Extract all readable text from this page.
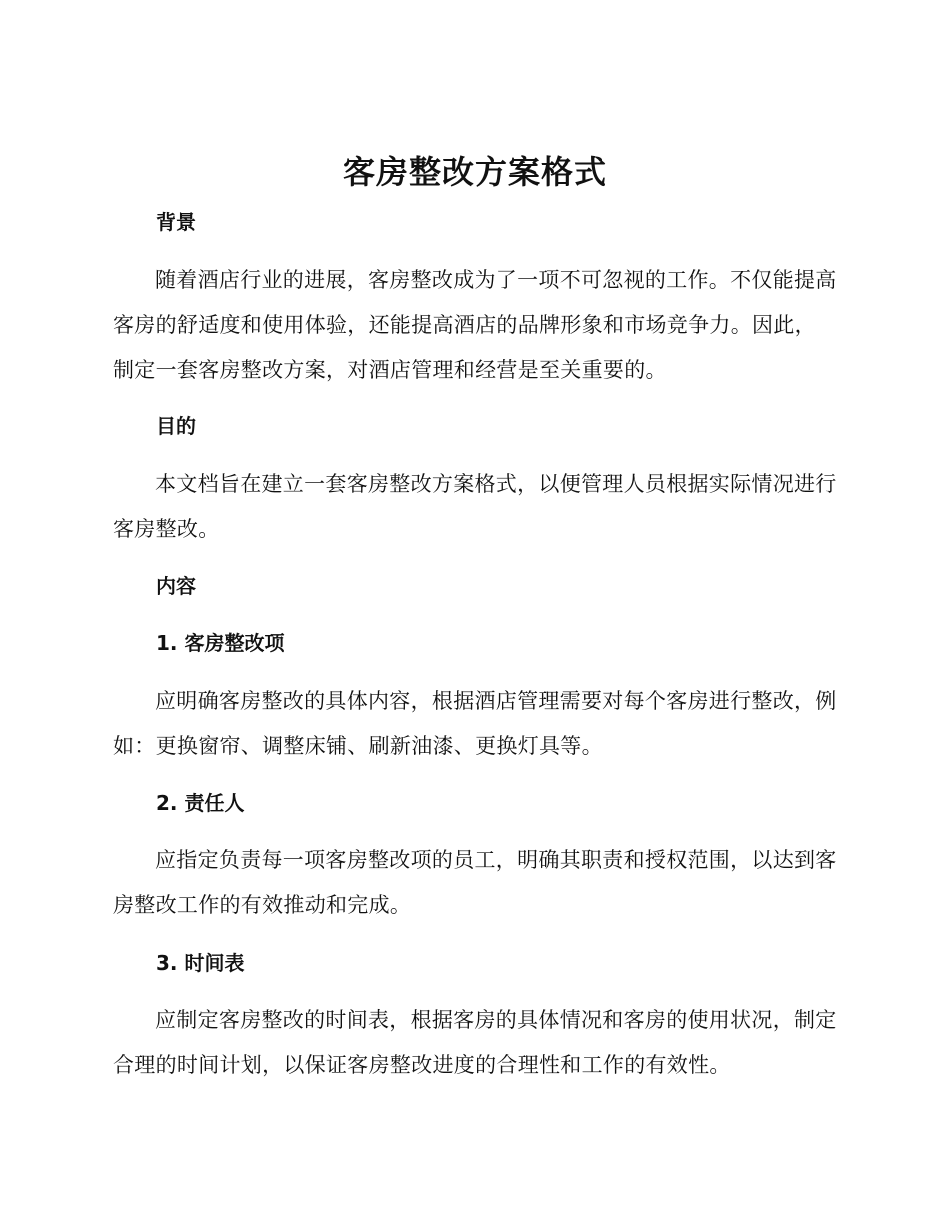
客房整改方案格式
背景
随着酒店行业的进展，客房整改成为了一项不可忽视的工作。不仅能提高客房的舒适度和使用体验，还能提高酒店的品牌形象和市场竞争力。因此，制定一套客房整改方案，对酒店管理和经营是至关重要的。
目的
本文档旨在建立一套客房整改方案格式，以便管理人员根据实际情况进行客房整改。
内容
1. 客房整改项
应明确客房整改的具体内容，根据酒店管理需要对每个客房进行整改，例如：更换窗帘、调整床铺、刷新油漆、更换灯具等。
2. 责任人
应指定负责每一项客房整改项的员工，明确其职责和授权范围，以达到客房整改工作的有效推动和完成。
3. 时间表
应制定客房整改的时间表，根据客房的具体情况和客房的使用状况，制定合理的时间计划，以保证客房整改进度的合理性和工作的有效性。
